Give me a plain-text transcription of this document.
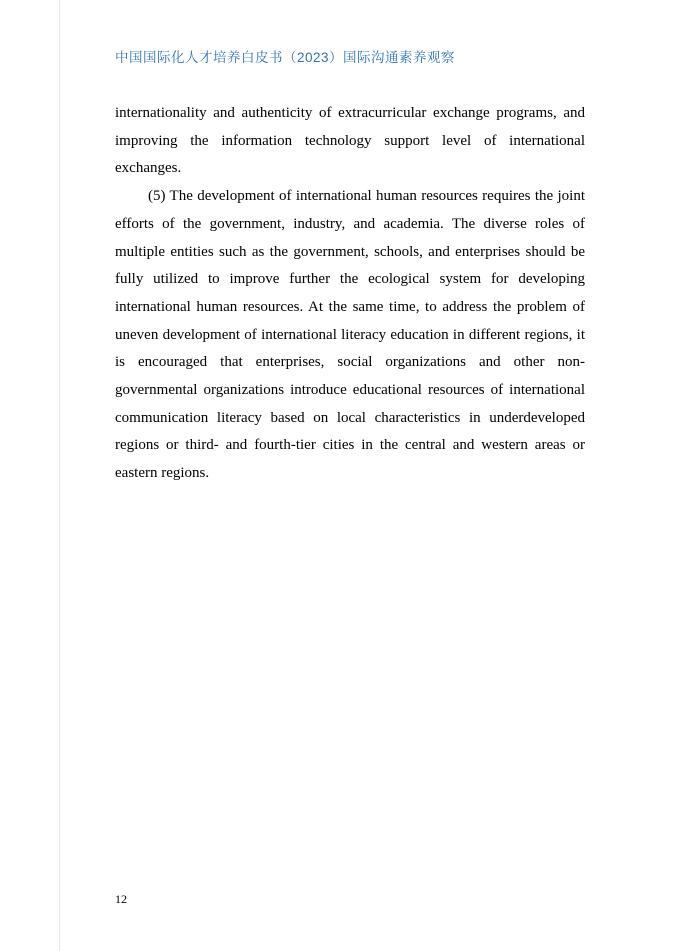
中国国际化人才培养白皮书（2023）国际沟通素养观察

internationality and authenticity of extracurricular exchange programs, and improving the information technology support level of international exchanges.

(5) The development of international human resources requires the joint efforts of the government, industry, and academia. The diverse roles of multiple entities such as the government, schools, and enterprises should be fully utilized to improve further the ecological system for developing international human resources. At the same time, to address the problem of uneven development of international literacy education in different regions, it is encouraged that enterprises, social organizations and other non-governmental organizations introduce educational resources of international communication literacy based on local characteristics in underdeveloped regions or third- and fourth-tier cities in the central and western areas or eastern regions.

12
